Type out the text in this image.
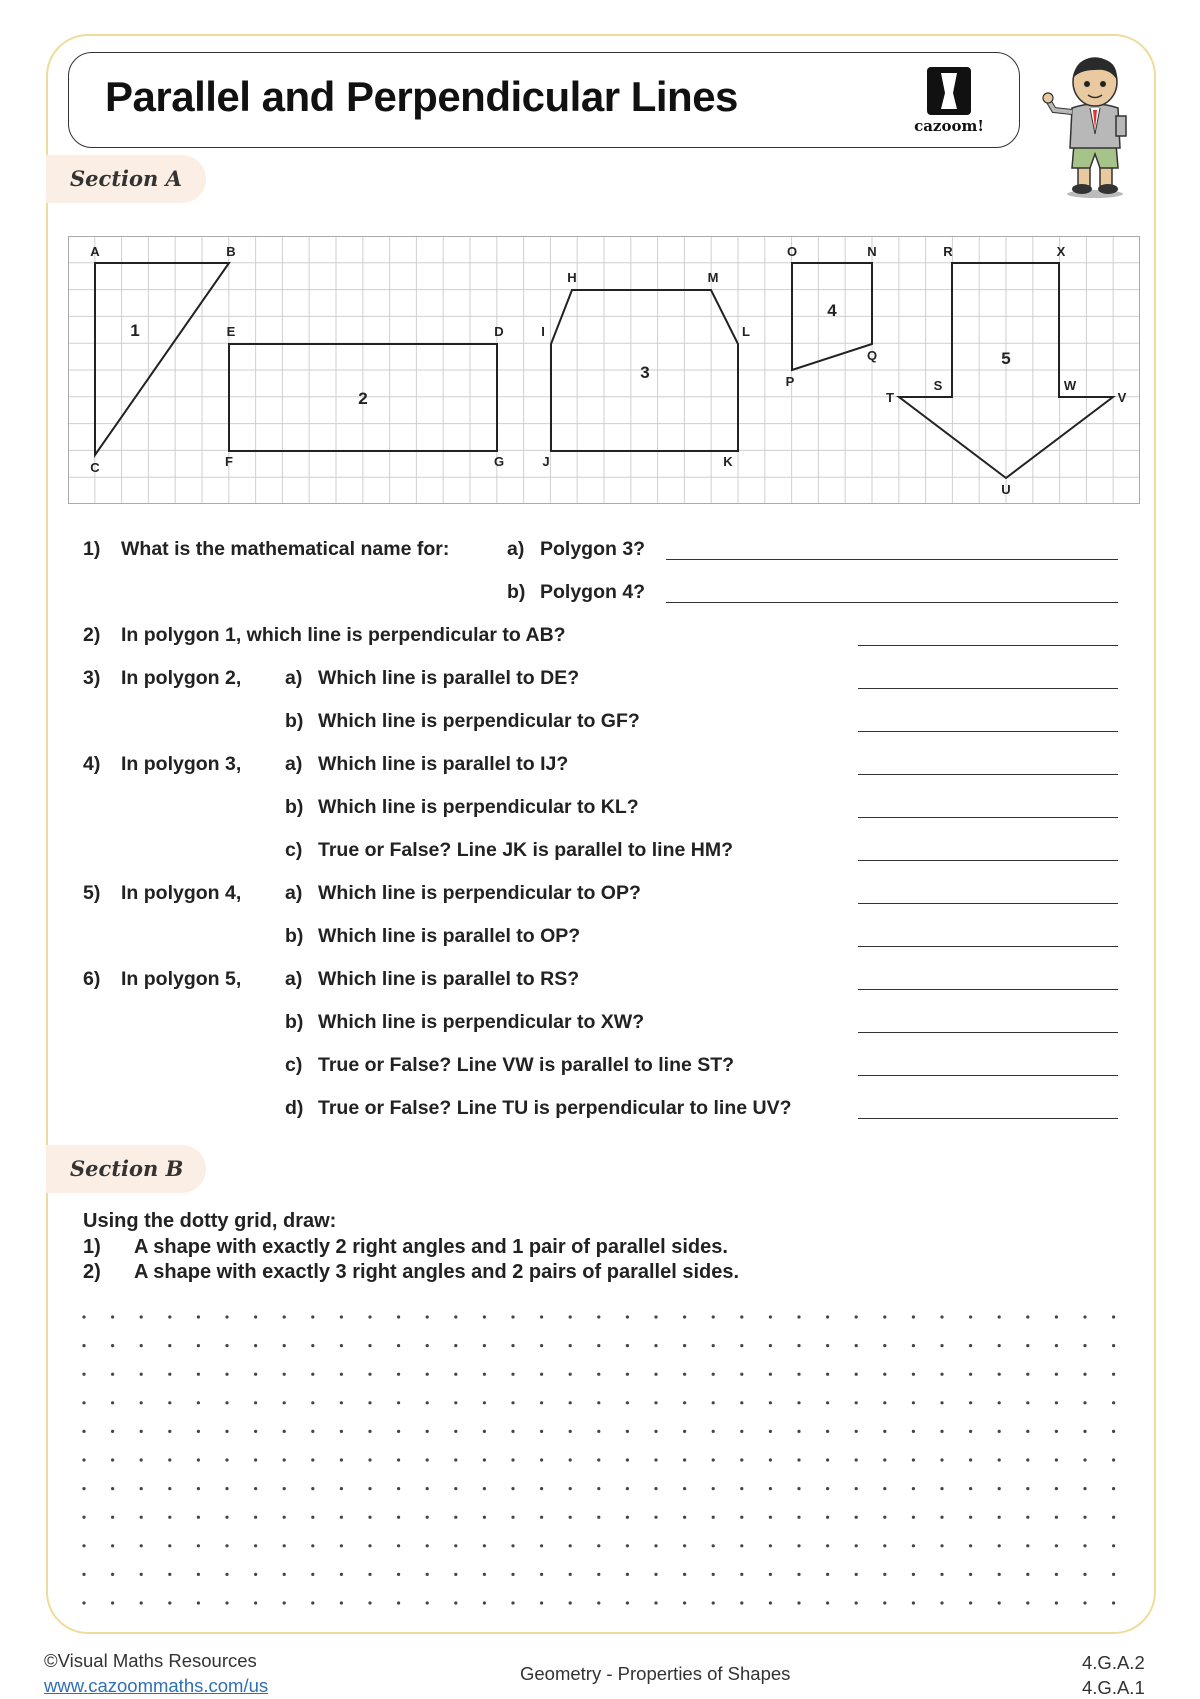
Parallel and Perpendicular Lines
cazoom!
Section A
1
2
3
4
5
A	B
C
D
E
F	G
H
I
J	K
L
M
N
O
P
Q
R
S
T
U
V
W
X
1) What is the mathematical name for:	a) Polygon 3?
b) Polygon 4?
2) In polygon 1, which line is perpendicular to AB?
3) In polygon 2, a) Which line is parallel to DE?
b) Which line is perpendicular to GF?
4) In polygon 3, a) Which line is parallel to IJ?
b) Which line is perpendicular to KL?
c) True or False? Line JK is parallel to line HM?
5) In polygon 4, a) Which line is perpendicular to OP?
b) Which line is parallel to OP?
6) In polygon 5, a) Which line is parallel to RS?
b) Which line is perpendicular to XW?
c) True or False? Line VW is parallel to line ST?
d) True or False? Line TU is perpendicular to line UV?
Section B
Using the dotty grid, draw:
1) A shape with exactly 2 right angles and 1 pair of parallel sides.
2) A shape with exactly 3 right angles and 2 pairs of parallel sides.
©Visual Maths Resources
www.cazoommaths.com/us
Geometry - Properties of Shapes
4.G.A.2
4.G.A.1
